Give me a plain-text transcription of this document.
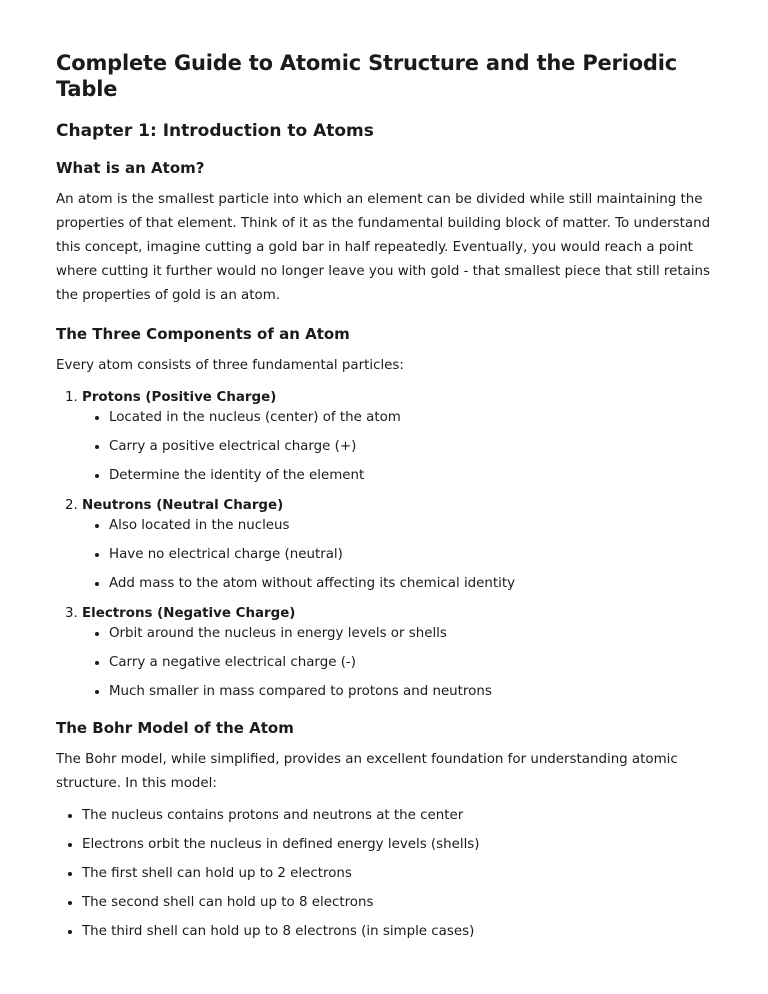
Complete Guide to Atomic Structure and the Periodic Table
Chapter 1: Introduction to Atoms
What is an Atom?

An atom is the smallest particle into which an element can be divided while still maintaining the properties of that element. Think of it as the fundamental building block of matter. To understand this concept, imagine cutting a gold bar in half repeatedly. Eventually, you would reach a point where cutting it further would no longer leave you with gold - that smallest piece that still retains the properties of gold is an atom.

The Three Components of an Atom

Every atom consists of three fundamental particles:

1. Protons (Positive Charge)
• Located in the nucleus (center) of the atom
• Carry a positive electrical charge (+)
• Determine the identity of the element
2. Neutrons (Neutral Charge)
• Also located in the nucleus
• Have no electrical charge (neutral)
• Add mass to the atom without affecting its chemical identity
3. Electrons (Negative Charge)
• Orbit around the nucleus in energy levels or shells
• Carry a negative electrical charge (-)
• Much smaller in mass compared to protons and neutrons
The Bohr Model of the Atom

The Bohr model, while simplified, provides an excellent foundation for understanding atomic structure. In this model:

• The nucleus contains protons and neutrons at the center
• Electrons orbit the nucleus in defined energy levels (shells)
• The first shell can hold up to 2 electrons
• The second shell can hold up to 8 electrons
• The third shell can hold up to 8 electrons (in simple cases)
